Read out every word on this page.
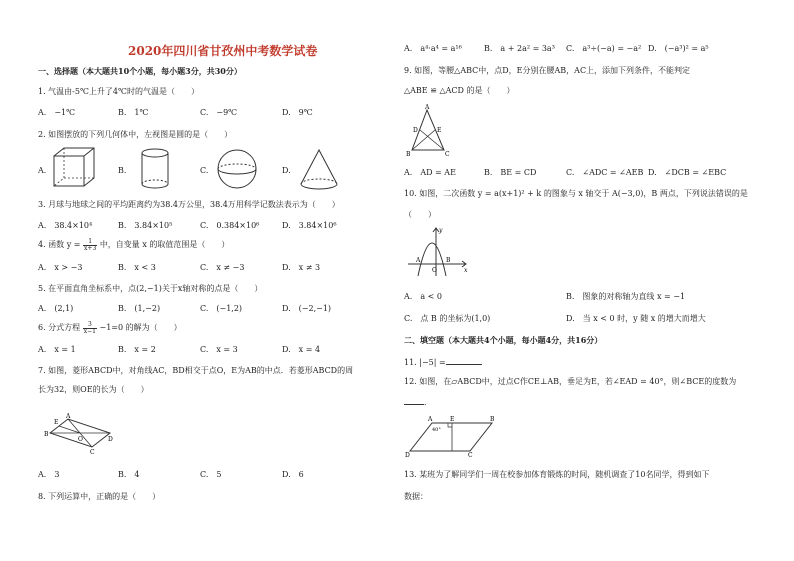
2020年四川省甘孜州中考数学试卷
一、选择题（本大题共10个小题，每小题3分，共30分）
1. 气温由-5℃上升了4℃时的气温是（　　）
A.　−1℃	B.　1℃	C.　−9℃	D.　9℃
2. 如图摆放的下列几何体中，左视图是圆的是（　　）
A.	B.	C.	D.
3. 月球与地球之间的平均距离约为38.4万公里，38.4万用科学记数法表示为（　　）
A.　38.4×10⁴	B.　3.84×10⁵	C.　0.384×10⁶	D.　3.84×10⁶
4. 函数 $y = \frac{1}{x+3}$ 中，自变量 x 的取值范围是（　　）
A.　x > −3	B.　x < 3	C.　x ≠ −3	D.　x ≠ 3
5. 在平面直角坐标系中，点(2,−1)关于x轴对称的点是（　　）
A.　(2,1)	B.　(1,−2)	C.　(−1,2)	D.　(−2,−1)
6. 分式方程 $\frac{3}{x-1} -1=0$ 的解为（　　）
A.　x = 1	B.　x = 2	C.　x = 3	D.　x = 4
7. 如图，菱形ABCD中，对角线AC，BD相交于点O，E为AB的中点．若菱形ABCD的周
长为32，则OE的长为（　　）
B
A
E
O
C
D
A.　3	B.　4	C.　5	D.　6
8. 下列运算中，正确的是（　　）
A.　a⁴·a⁴ = a¹⁶	B.　a + 2a² = 3a³ C.　a³÷(−a) = −a² D.　(−a³)² = a⁵
9. 如图，等腰△ABC中，点D，E分别在腰AB，AC上，添加下列条件，不能判定
△ABE ≌ △ACD 的是（　　）
A
D	E
B	C
A.　AD = AE	B.　BE = CD	C.　∠ADC = ∠AEB D.　∠DCB = ∠EBC
10. 如图，二次函数 y = a(x+1)² + k 的图象与 x 轴交于 A(−3,0)，B 两点，下列说法错误的是
（　　）
x
y
O
A	B
A.　a < 0	B.　图象的对称轴为直线 x = −1
C.　点 B 的坐标为(1,0)	D.　当 x < 0 时，y 随 x 的增大而增大
二、填空题（本大题共4个小题，每小题4分，共16分）
11. |−5| =
12. 如图，在▱ABCD中，过点C作CE⊥AB，垂足为E，若∠EAD = 40°，则∠BCE的度数为
．
A	E	B
D	C
40°
13. 某班为了解同学们一周在校参加体育锻炼的时间，随机调查了10名同学，得到如下
数据：
